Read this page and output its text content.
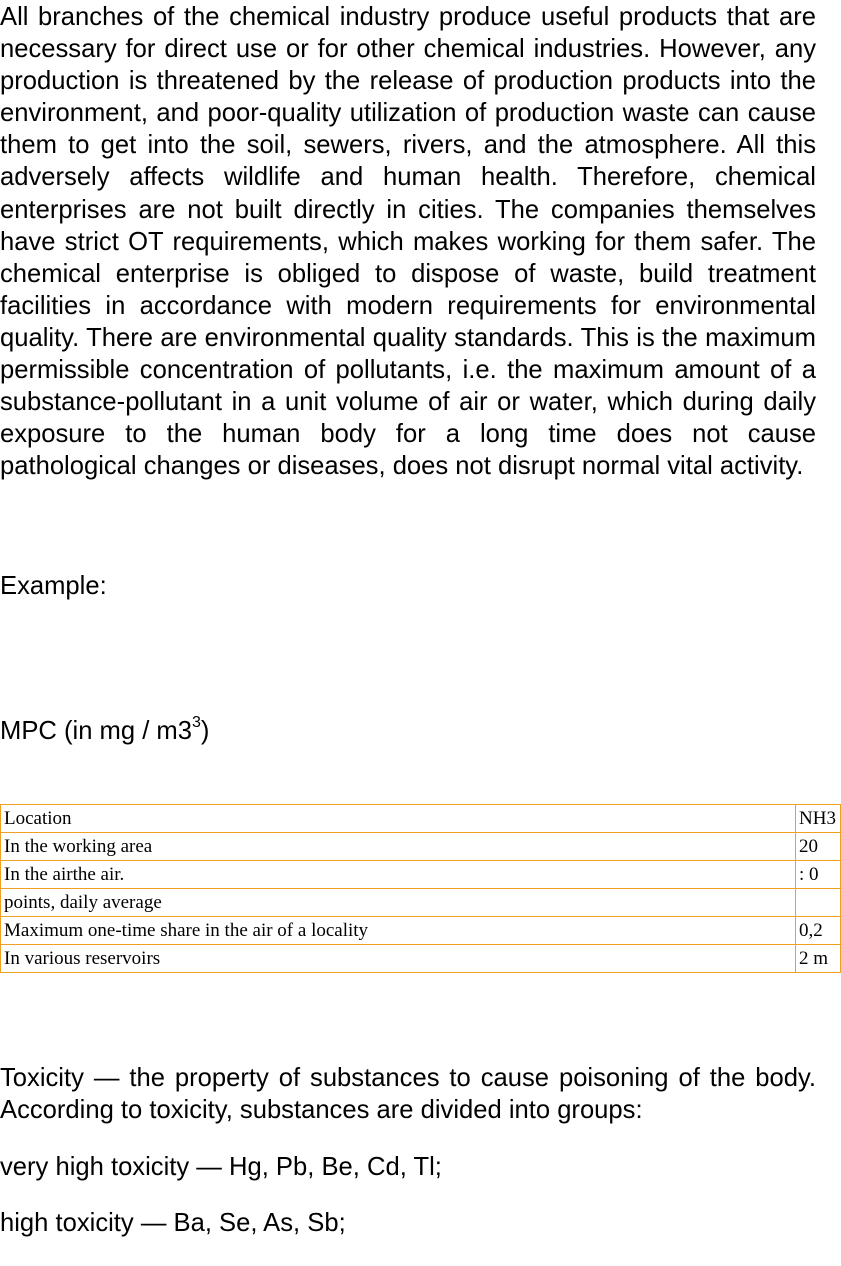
All branches of the chemical industry produce useful products that are necessary for direct use or for other chemical industries. However, any production is threatened by the release of production products into the environment, and poor-quality utilization of production waste can cause them to get into the soil, sewers, rivers, and the atmosphere. All this adversely affects wildlife and human health. Therefore, chemical enterprises are not built directly in cities. The companies themselves have strict OT requirements, which makes working for them safer. The chemical enterprise is obliged to dispose of waste, build treatment facilities in accordance with modern requirements for environmental quality. There are environmental quality standards. This is the maximum permissible concentration of pollutants, i.e. the maximum amount of a substance-pollutant in a unit volume of air or water, which during daily exposure to the human body for a long time does not cause pathological changes or diseases, does not disrupt normal vital activity.

Example:

MPC (in mg / $m3^3$)

Location	NH3
In the working area	20
In the airthe air.	: 0
points, daily average	
Maximum one-time share in the air of a locality	0,2
In various reservoirs	2 m

Toxicity — the property of substances to cause poisoning of the body. According to toxicity, substances are divided into groups:

very high toxicity — Hg, Pb, Be, Cd, Tl;

high toxicity — Ba, Se, As, Sb;
